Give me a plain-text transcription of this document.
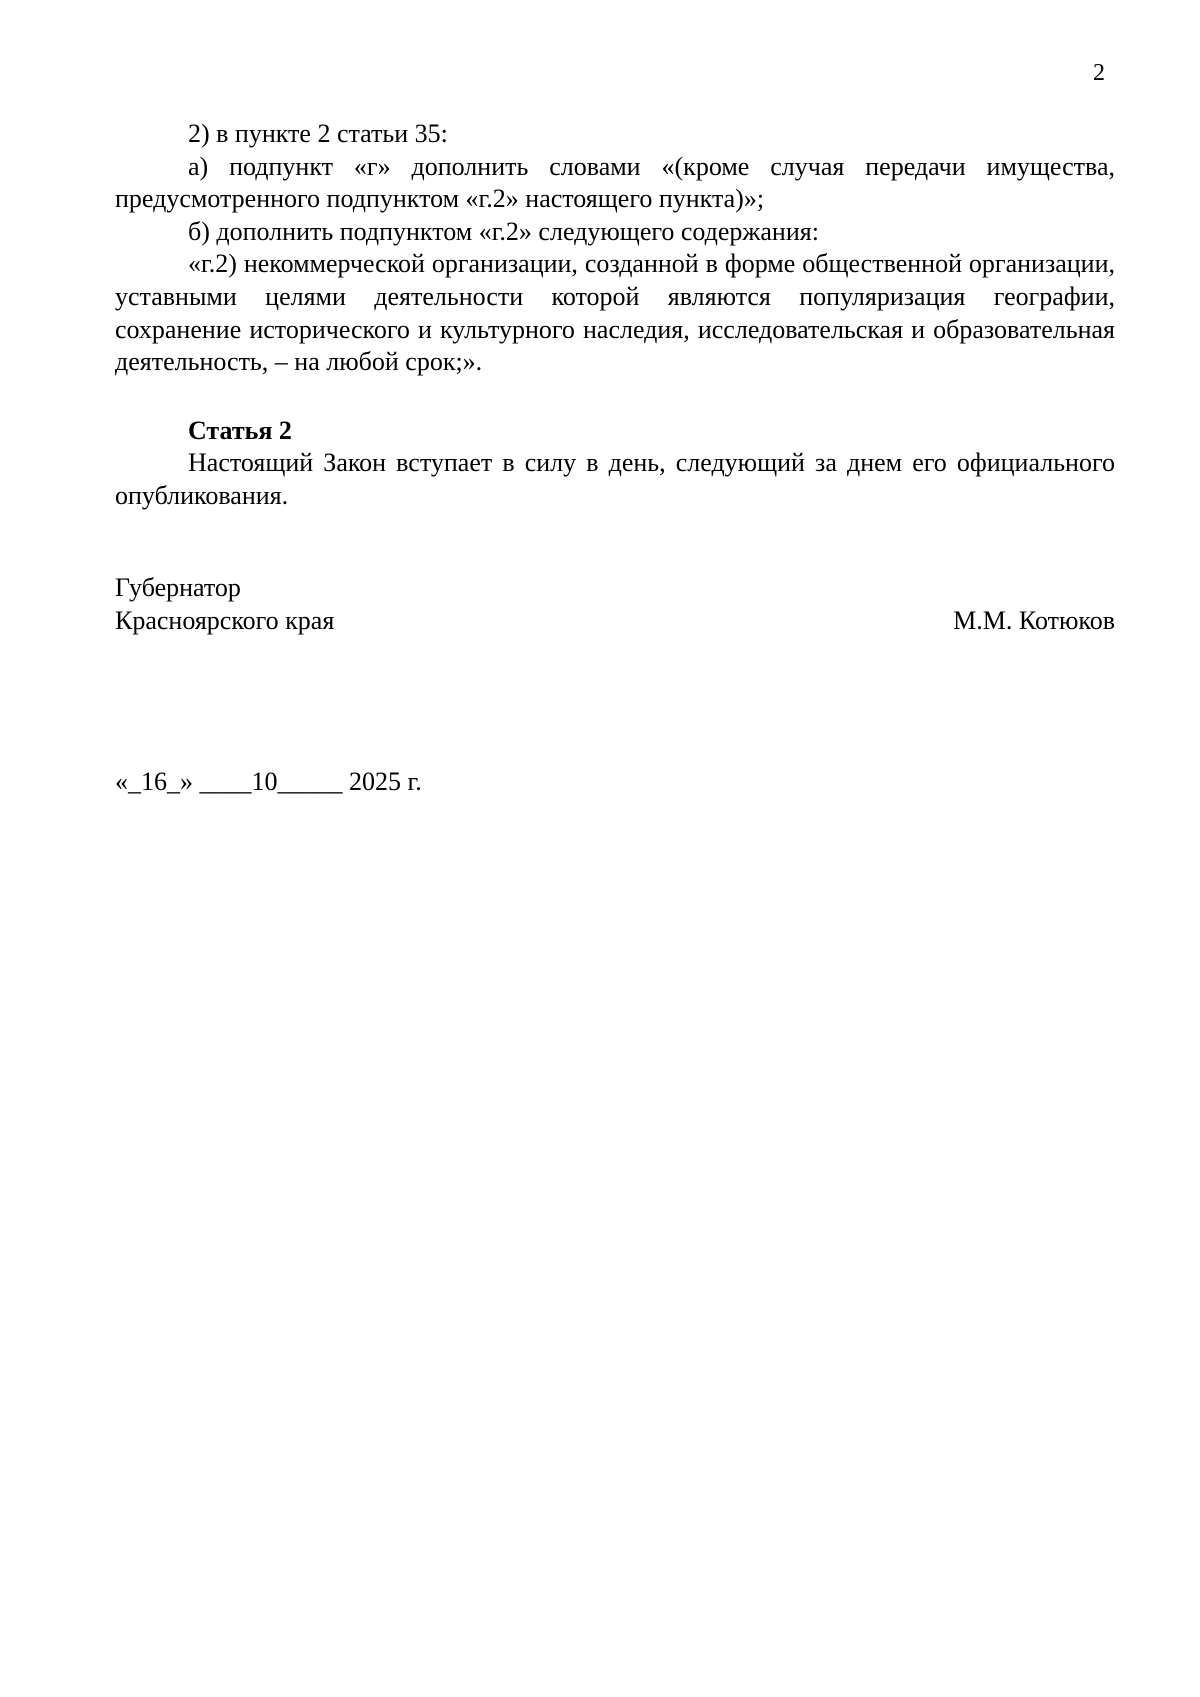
2

2) в пункте 2 статьи 35:

а) подпункт «г» дополнить словами «(кроме случая передачи имущества, предусмотренного подпунктом «г.2» настоящего пункта)»;

б) дополнить подпунктом «г.2» следующего содержания:

«г.2) некоммерческой организации, созданной в форме общественной организации, уставными целями деятельности которой являются популяризация географии, сохранение исторического и культурного наследия, исследовательская и образовательная деятельность, – на любой срок;».

Статья 2

Настоящий Закон вступает в силу в день, следующий за днем его официального опубликования.

Губернатор
Красноярского края	М.М. Котюков
«_16_» ____10_____ 2025 г.
